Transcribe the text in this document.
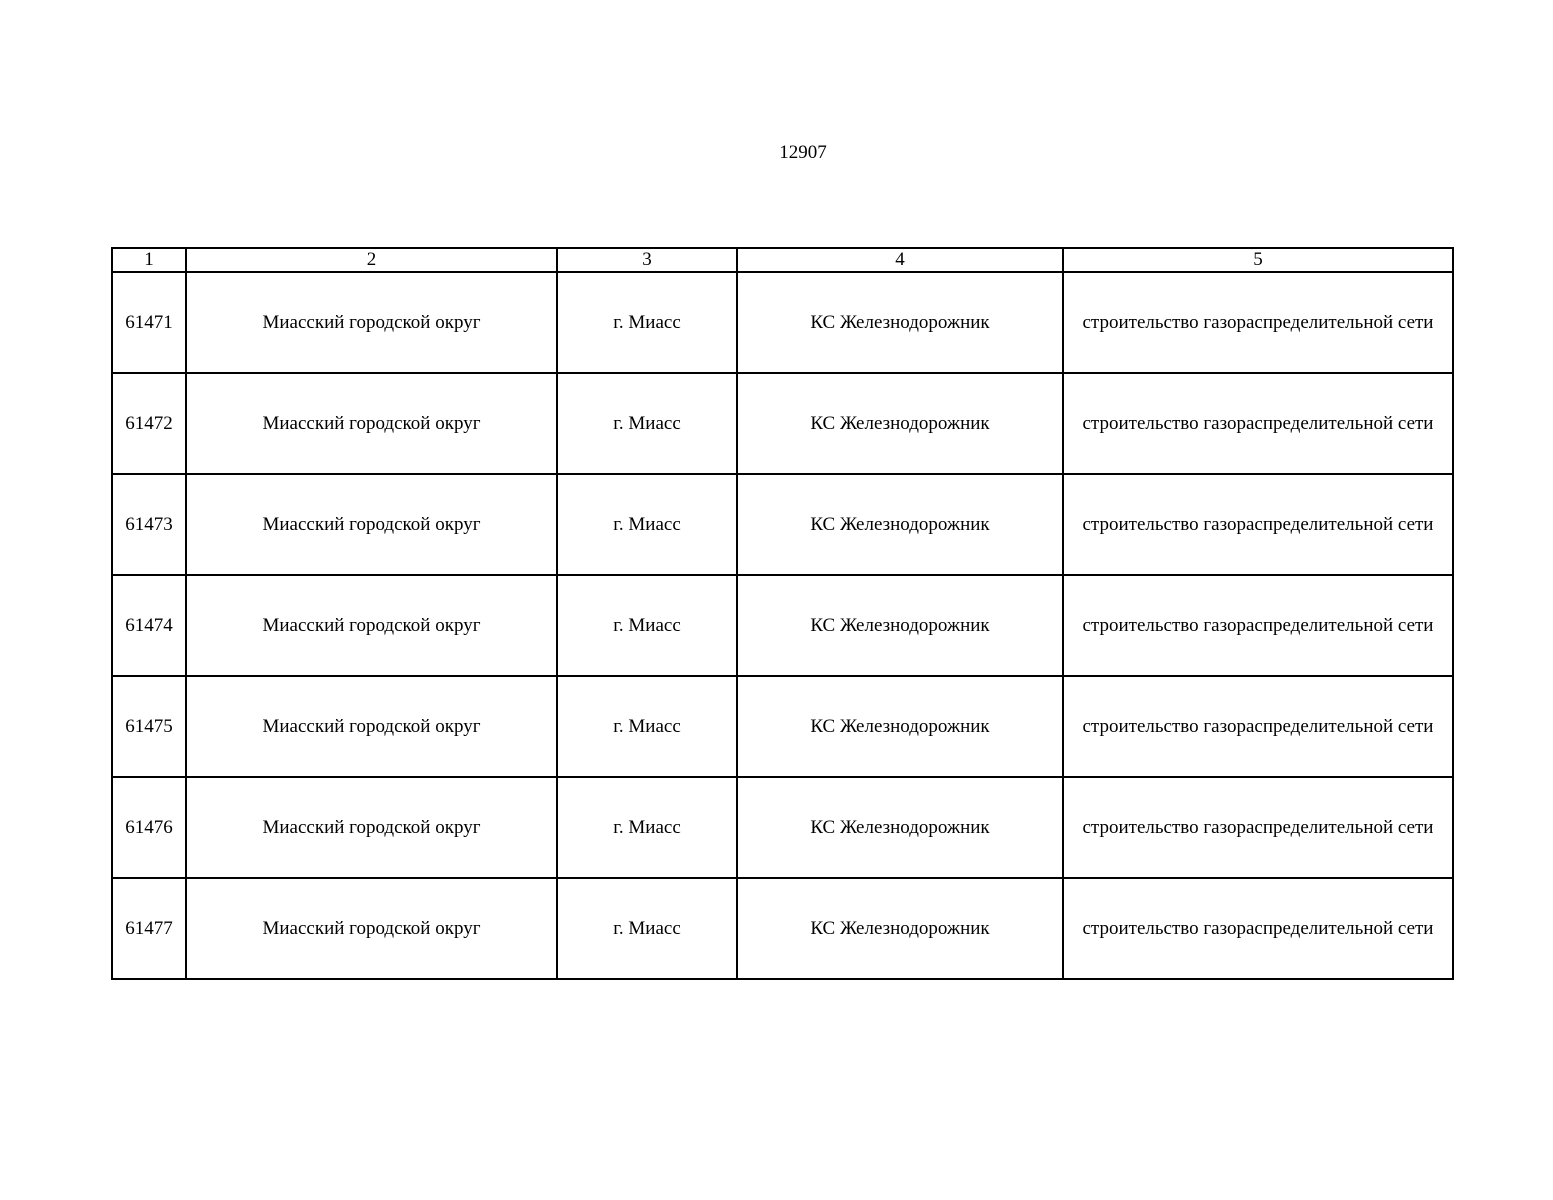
12907
1	2	3	4	5
61471	Миасский городской округ	г. Миасс	КС Железнодорожник	строительство газораспределительной сети
61472	Миасский городской округ	г. Миасс	КС Железнодорожник	строительство газораспределительной сети
61473	Миасский городской округ	г. Миасс	КС Железнодорожник	строительство газораспределительной сети
61474	Миасский городской округ	г. Миасс	КС Железнодорожник	строительство газораспределительной сети
61475	Миасский городской округ	г. Миасс	КС Железнодорожник	строительство газораспределительной сети
61476	Миасский городской округ	г. Миасс	КС Железнодорожник	строительство газораспределительной сети
61477	Миасский городской округ	г. Миасс	КС Железнодорожник	строительство газораспределительной сети
